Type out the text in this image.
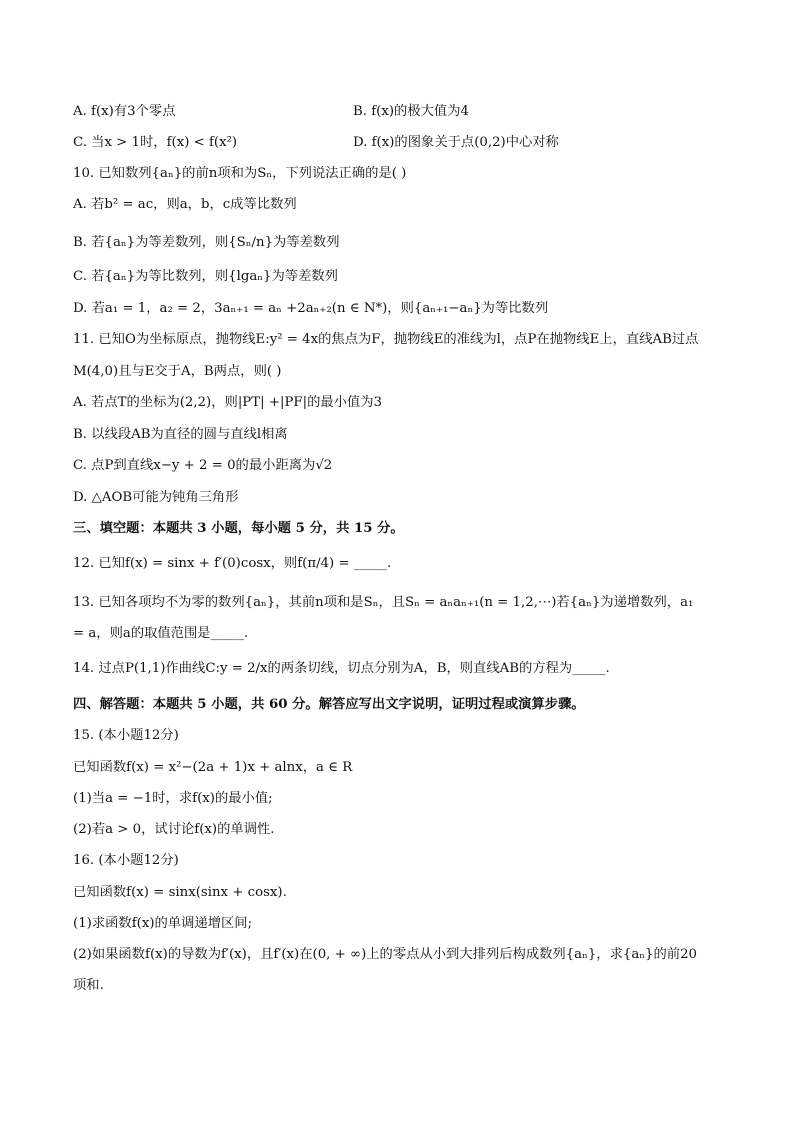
A. f(x)有3个零点	B. f(x)的极大值为4
C. 当x > 1时，f(x) < f(x²)	D. f(x)的图象关于点(0,2)中心对称
10. 已知数列{aₙ}的前n项和为Sₙ，下列说法正确的是( )
A. 若b² = ac，则a，b，c成等比数列
B. 若{aₙ}为等差数列，则{Sₙ/n}为等差数列
C. 若{aₙ}为等比数列，则{lgaₙ}为等差数列
D. 若a₁ = 1，a₂ = 2，3aₙ₊₁ = aₙ +2aₙ₊₂(n ∈ N*)，则{aₙ₊₁−aₙ}为等比数列
11. 已知O为坐标原点，抛物线E:y² = 4x的焦点为F，抛物线E的准线为l，点P在抛物线E上，直线AB过点
M(4,0)且与E交于A，B两点，则( )
A. 若点T的坐标为(2,2)，则|PT| +|PF|的最小值为3
B. 以线段AB为直径的圆与直线l相离
C. 点P到直线x−y + 2 = 0的最小距离为√2
D. △AOB可能为钝角三角形
三、填空题：本题共 3 小题，每小题 5 分，共 15 分。
12. 已知f(x) = sinx + f′(0)cosx，则f(π/4) = _____.
13. 已知各项均不为零的数列{aₙ}，其前n项和是Sₙ，且Sₙ = aₙaₙ₊₁(n = 1,2,⋯)若{aₙ}为递增数列，a₁
= a，则a的取值范围是_____.
14. 过点P(1,1)作曲线C:y = 2/x的两条切线，切点分别为A，B，则直线AB的方程为_____.
四、解答题：本题共 5 小题，共 60 分。解答应写出文字说明，证明过程或演算步骤。
15. (本小题12分)
已知函数f(x) = x²−(2a + 1)x + alnx，a ∈ R
(1)当a = −1时，求f(x)的最小值;
(2)若a > 0，试讨论f(x)的单调性.
16. (本小题12分)
已知函数f(x) = sinx(sinx + cosx).
(1)求函数f(x)的单调递增区间;
(2)如果函数f(x)的导数为f′(x)，且f′(x)在(0, + ∞)上的零点从小到大排列后构成数列{aₙ}，求{aₙ}的前20
项和.
